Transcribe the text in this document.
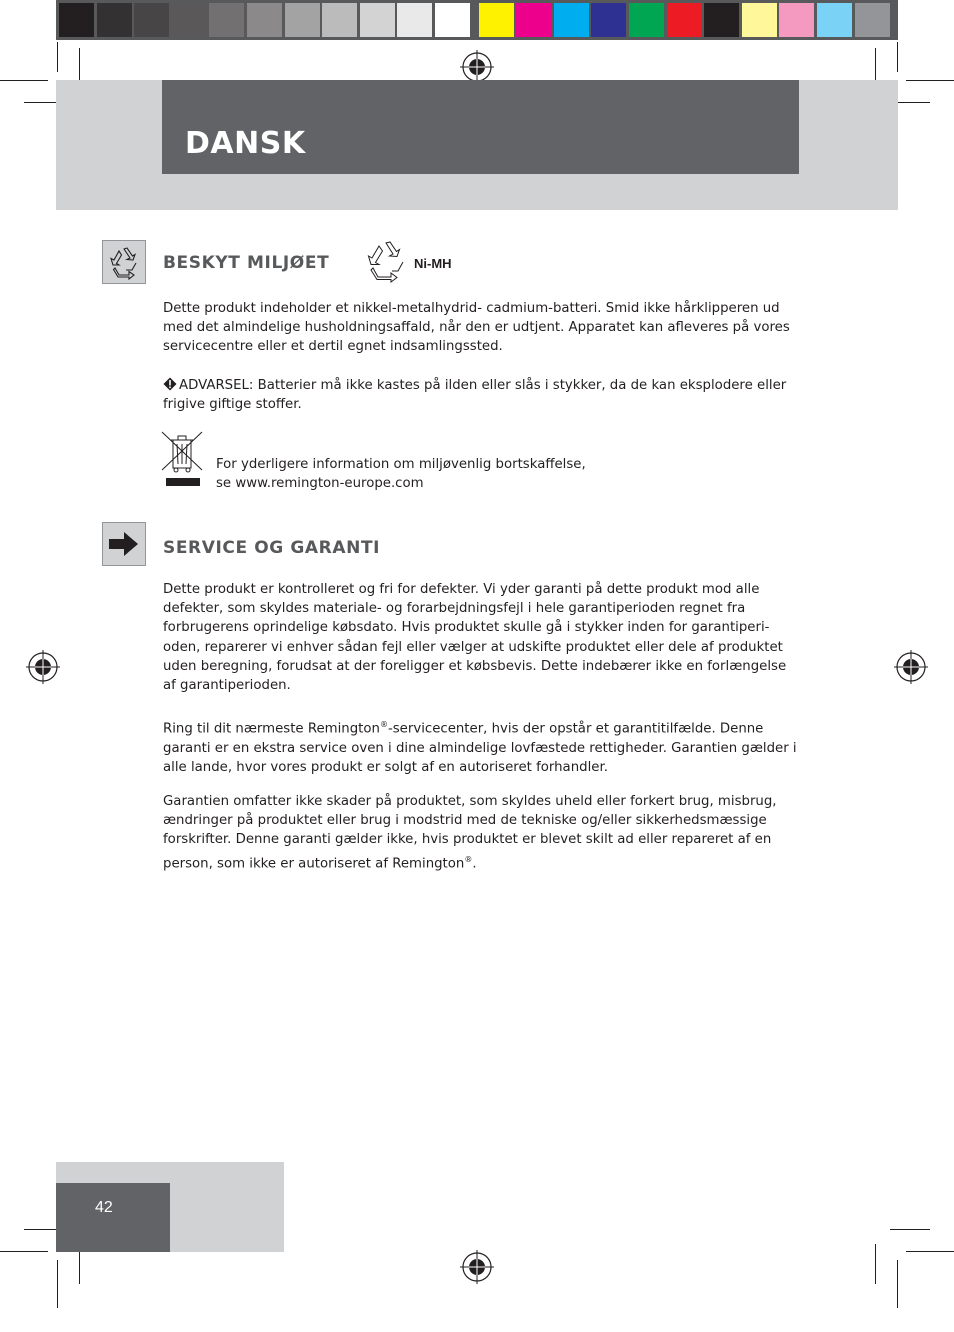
DANSK
BESKYT MILJØET	Ni-MH

Dette produkt indeholder et nikkel-metalhydrid- cadmium-batteri. Smid ikke hårklipperen ud med det almindelige husholdningsaffald, når den er udtjent. Apparatet kan afleveres på vores servicecentre eller et dertil egnet indsamlingssted.

ADVARSEL: Batterier må ikke kastes på ilden eller slås i stykker, da de kan eksplodere eller frigive giftige stoffer.

For yderligere information om miljøvenlig bortskaffelse,
se www.remington-europe.com
SERVICE OG GARANTI

Dette produkt er kontrolleret og fri for defekter. Vi yder garanti på dette produkt mod alle defekter, som skyldes materiale- og forarbejdningsfejl i hele garantiperioden regnet fra forbrugerens oprindelige købsdato. Hvis produktet skulle gå i stykker inden for garantiperi- oden, reparerer vi enhver sådan fejl eller vælger at udskifte produktet eller dele af produktet uden beregning, forudsat at der foreligger et købsbevis. Dette indebærer ikke en forlængelse af garantiperioden.

Ring til dit nærmeste Remington®-servicecenter, hvis der opstår et garantitilfælde. Denne garanti er en ekstra service oven i dine almindelige lovfæstede rettigheder. Garantien gælder i alle lande, hvor vores produkt er solgt af en autoriseret forhandler.

Garantien omfatter ikke skader på produktet, som skyldes uheld eller forkert brug, misbrug, ændringer på produktet eller brug i modstrid med de tekniske og/eller sikkerhedsmæssige forskrifter. Denne garanti gælder ikke, hvis produktet er blevet skilt ad eller repareret af en person, som ikke er autoriseret af Remington®.

42
